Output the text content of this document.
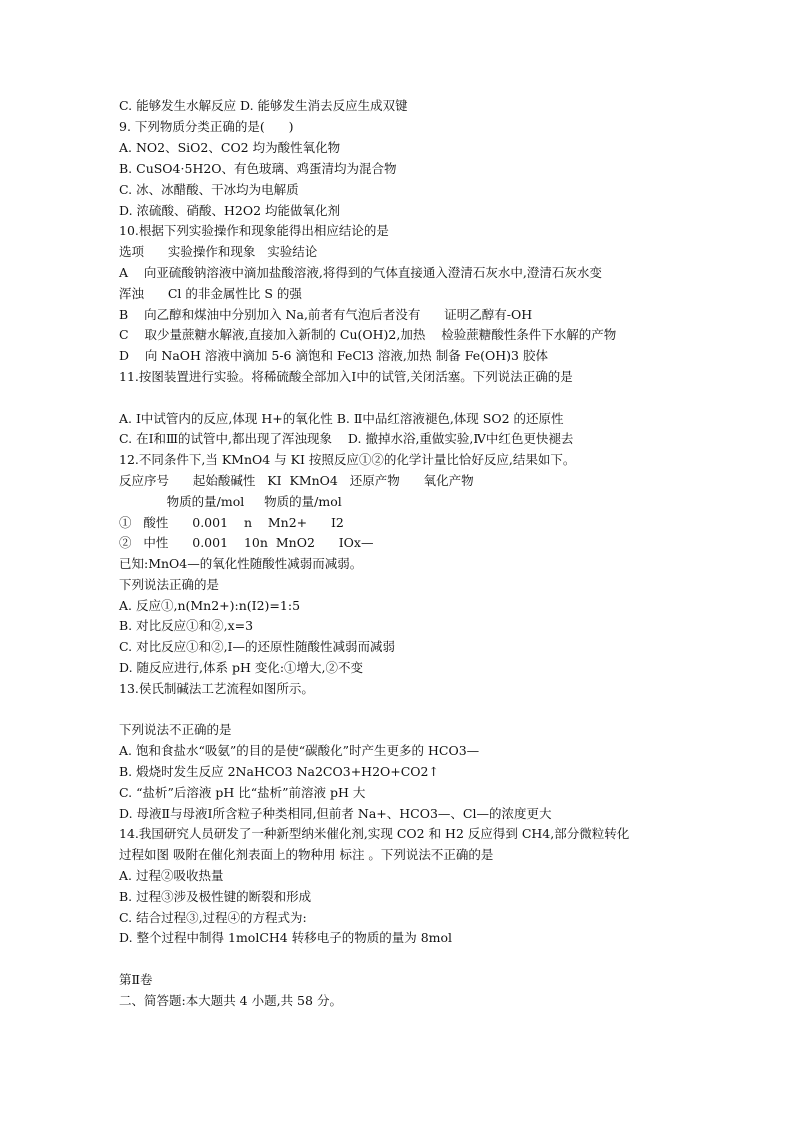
C. 能够发生水解反应 D. 能够发生消去反应生成双键
9. 下列物质分类正确的是(      )
A. NO2、SiO2、CO2 均为酸性氧化物
B. CuSO4·5H2O、有色玻璃、鸡蛋清均为混合物
C. 冰、冰醋酸、干冰均为电解质
D. 浓硫酸、硝酸、H2O2 均能做氧化剂
10.根据下列实验操作和现象能得出相应结论的是
选项      实验操作和现象   实验结论
A    向亚硫酸钠溶液中滴加盐酸溶液,将得到的气体直接通入澄清石灰水中,澄清石灰水变
浑浊      Cl 的非金属性比 S 的强
B    向乙醇和煤油中分别加入 Na,前者有气泡后者没有      证明乙醇有-OH
C    取少量蔗糖水解液,直接加入新制的 Cu(OH)2,加热    检验蔗糖酸性条件下水解的产物
D    向 NaOH 溶液中滴加 5-6 滴饱和 FeCl3 溶液,加热 制备 Fe(OH)3 胶体
11.按图装置进行实验。将稀硫酸全部加入Ⅰ中的试管,关闭活塞。下列说法正确的是
A. Ⅰ中试管内的反应,体现 H+的氧化性 B. Ⅱ中品红溶液褪色,体现 SO2 的还原性
C. 在Ⅰ和Ⅲ的试管中,都出现了浑浊现象    D. 撤掉水浴,重做实验,Ⅳ中红色更快褪去
12.不同条件下,当 KMnO4 与 KI 按照反应①②的化学计量比恰好反应,结果如下。
反应序号      起始酸碱性   KI  KMnO4   还原产物      氧化产物
物质的量/mol     物质的量/mol
①   酸性      0.001    n    Mn2+      I2
②   中性      0.001    10n  MnO2      IOx—
已知:MnO4—的氧化性随酸性减弱而减弱。
下列说法正确的是
A. 反应①,n(Mn2+):n(I2)=1:5
B. 对比反应①和②,x=3
C. 对比反应①和②,I—的还原性随酸性减弱而减弱
D. 随反应进行,体系 pH 变化:①增大,②不变
13.侯氏制碱法工艺流程如图所示。
下列说法不正确的是
A. 饱和食盐水“吸氨”的目的是使“碳酸化”时产生更多的 HCO3—
B. 煅烧时发生反应 2NaHCO3 Na2CO3+H2O+CO2↑
C. “盐析”后溶液 pH 比“盐析”前溶液 pH 大
D. 母液Ⅱ与母液Ⅰ所含粒子种类相同,但前者 Na+、HCO3—、Cl—的浓度更大
14.我国研究人员研发了一种新型纳米催化剂,实现 CO2 和 H2 反应得到 CH4,部分微粒转化
过程如图 吸附在催化剂表面上的物种用 标注 。下列说法不正确的是
A. 过程②吸收热量
B. 过程③涉及极性键的断裂和形成
C. 结合过程③,过程④的方程式为:
D. 整个过程中制得 1molCH4 转移电子的物质的量为 8mol
第Ⅱ卷
二、简答题:本大题共 4 小题,共 58 分。
